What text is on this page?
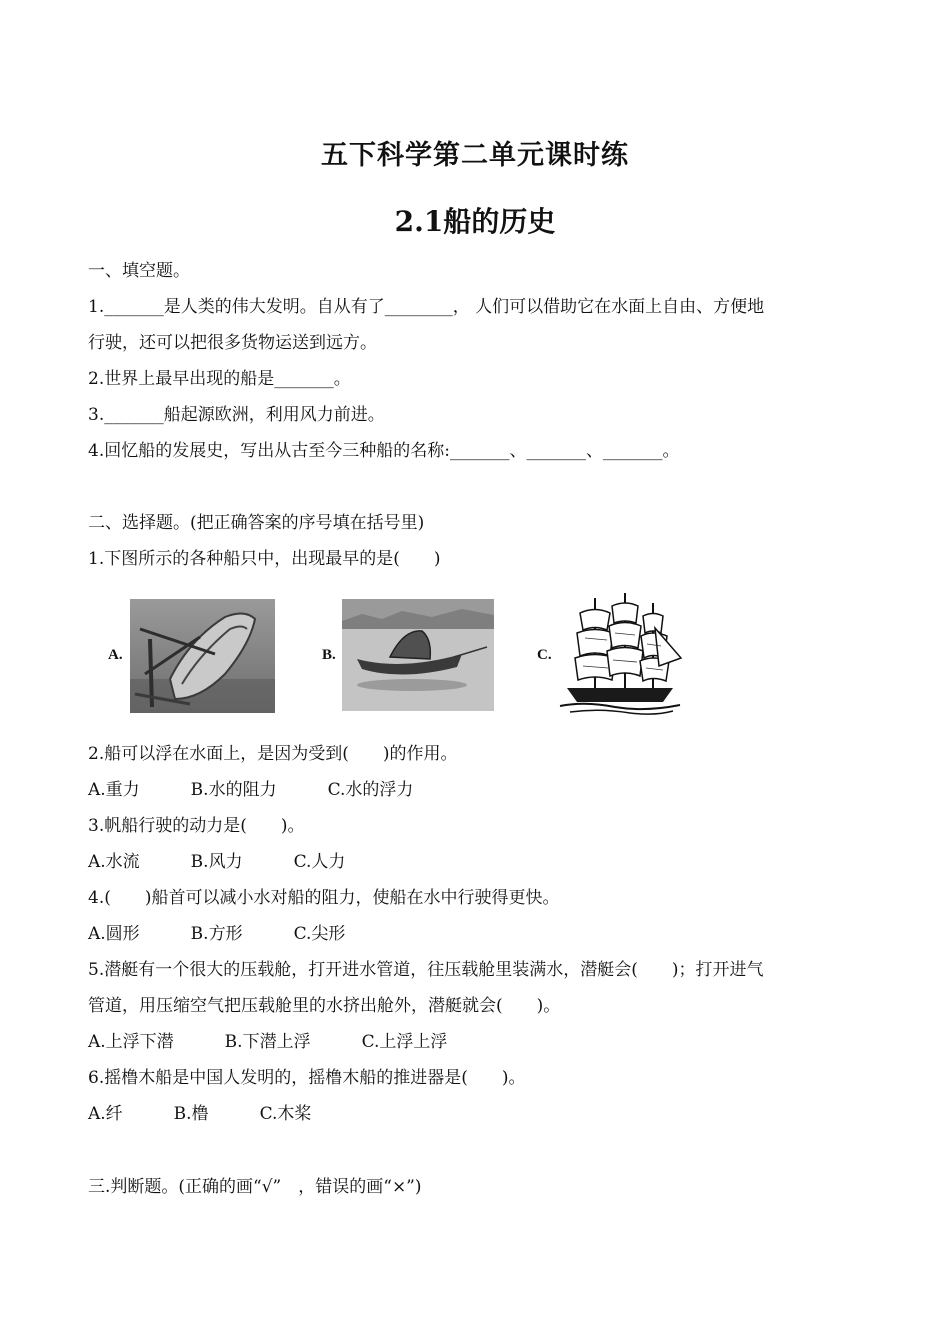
五下科学第二单元课时练
2.1船的历史
一、填空题。
1._______是人类的伟大发明。自从有了________， 人们可以借助它在水面上自由、方便地
行驶，还可以把很多货物运送到远方。
2.世界上最早出现的船是_______。
3._______船起源欧洲，利用风力前进。
4.回忆船的发展史，写出从古至今三种船的名称:_______、_______、_______。
二、选择题。(把正确答案的序号填在括号里)
1.下图所示的各种船只中，出现最早的是(　　)
A.	B.	C.
2.船可以浮在水面上，是因为受到(　　)的作用。
A.重力　　　B.水的阻力　　　C.水的浮力
3.帆船行驶的动力是(　　)。
A.水流　　　B.风力　　　C.人力
4.(　　)船首可以减小水对船的阻力，使船在水中行驶得更快。
A.圆形　　　B.方形　　　C.尖形
5.潜艇有一个很大的压载舱，打开进水管道，往压载舱里装满水，潜艇会(　　)；打开进气
管道，用压缩空气把压载舱里的水挤出舱外，潜艇就会(　　)。
A.上浮下潜　　　B.下潜上浮　　　C.上浮上浮
6.摇橹木船是中国人发明的，摇橹木船的推进器是(　　)。
A.纤　　　B.橹　　　C.木桨
三.判断题。(正确的画“√”　，错误的画“×”)
